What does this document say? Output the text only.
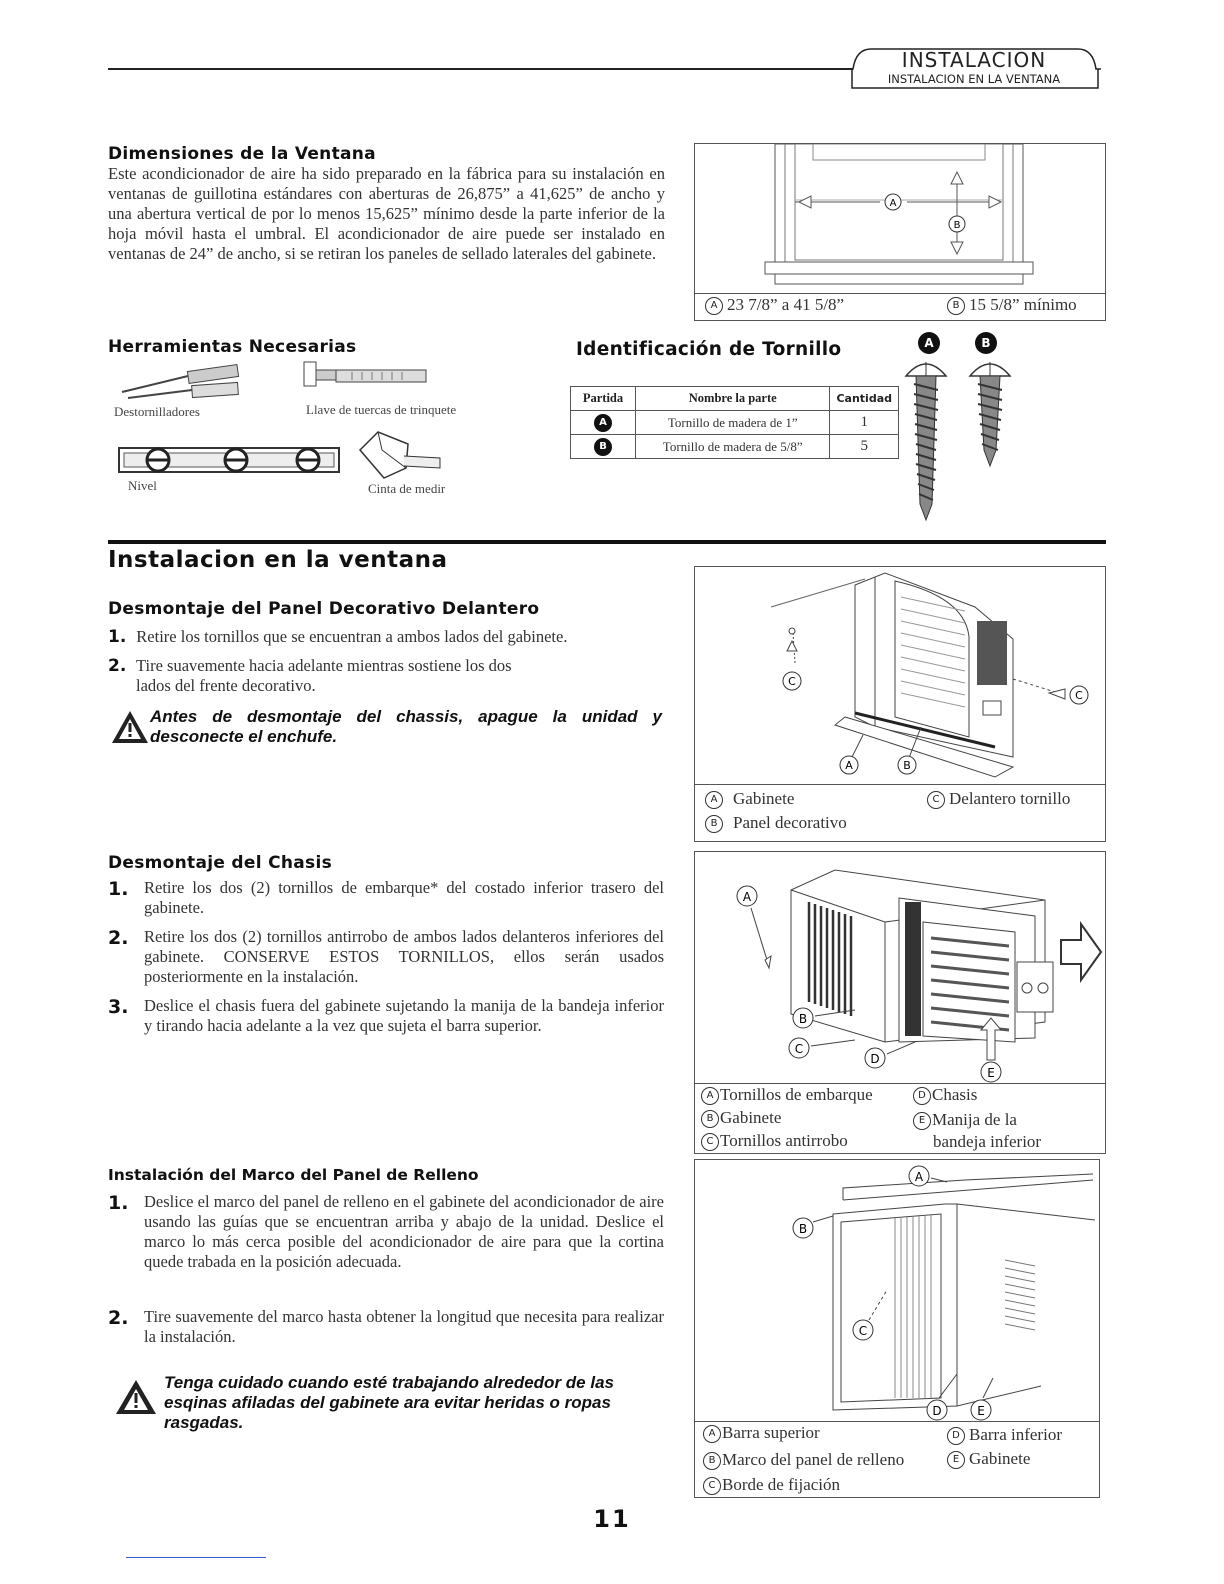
INSTALACION
INSTALACION EN LA VENTANA
Dimensiones de la Ventana
Este acondicionador de aire ha sido preparado en la fábrica para su instalación en ventanas de guillotina estándares con aberturas de 26,875” a 41,625” de ancho y una abertura vertical de por lo menos 15,625” mínimo desde la parte inferior de la hoja móvil hasta el umbral. El acondicionador de aire puede ser instalado en ventanas de 24” de ancho, si se retiran los paneles de sellado laterales del gabinete.
A
B
A 23 7/8” a 41 5/8”	B 15 5/8” mínimo
Herramientas Necesarias
Destornilladores	Llave de tuercas de trinquete
Nivel	Cinta de medir
Identificación de Tornillo	A	B
Partida	Nombre la parte	Cantidad
A	Tornillo de madera de 1”	1
B	Tornillo de madera de 5/8”	5
Instalacion en la ventana
Desmontaje del Panel Decorativo Delantero
1. Retire los tornillos que se encuentran a ambos lados del gabinete.
2. Tire suavemente hacia adelante mientras sostiene los dos lados del frente decorativo.
Antes de desmontaje del chassis, apague la unidad y desconecte el enchufe.
C
C
A	B
A Gabinete	C Delantero tornillo
B Panel decorativo
Desmontaje del Chasis
1. Retire los dos (2) tornillos de embarque* del costado inferior trasero del gabinete.
2. Retire los dos (2) tornillos antirrobo de ambos lados delanteros inferiores del gabinete. CONSERVE ESTOS TORNILLOS, ellos serán usados posteriormente en la instalación.
3. Deslice el chasis fuera del gabinete sujetando la manija de la bandeja inferior y tirando hacia adelante a la vez que sujeta el barra superior.
A
B
C
D
E
A Tornillos de embarque	D Chasis
B Gabinete	E Manija de la
C Tornillos antirrobo	bandeja inferior
Instalación del Marco del Panel de Relleno
1. Deslice el marco del panel de relleno en el gabinete del acondicionador de aire usando las guías que se encuentran arriba y abajo de la unidad. Deslice el marco lo más cerca posible del acondicionador de aire para que la cortina quede trabada en la posición adecuada.
2. Tire suavemente del marco hasta obtener la longitud que necesita para realizar la instalación.
Tenga cuidado cuando esté trabajando alrededor de las esqinas afiladas del gabinete ara evitar heridas o ropas rasgadas.
A
B
C
D	E
A Barra superior	D Barra inferior
B Marco del panel de relleno	E Gabinete
C Borde de fijación
11
